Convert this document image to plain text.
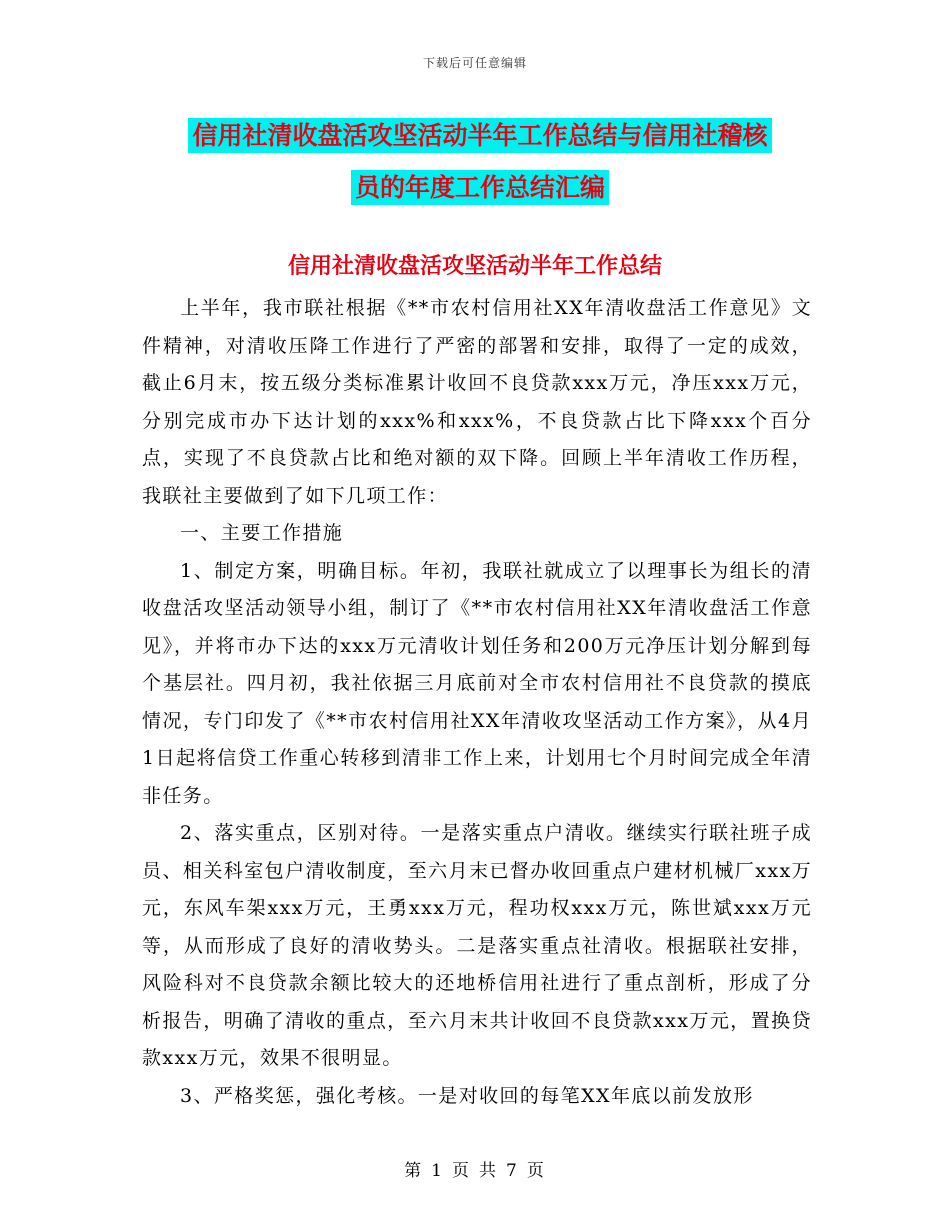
下载后可任意编辑
信用社清收盘活攻坚活动半年工作总结与信用社稽核
员的年度工作总结汇编
信用社清收盘活攻坚活动半年工作总结

上半年，我市联社根据《**市农村信用社XX年清收盘活工作意见》文件精神，对清收压降工作进行了严密的部署和安排，取得了一定的成效，截止6月末，按五级分类标准累计收回不良贷款xxx万元，净压xxx万元，分别完成市办下达计划的xxx%和xxx%，不良贷款占比下降xxx个百分点，实现了不良贷款占比和绝对额的双下降。回顾上半年清收工作历程，我联社主要做到了如下几项工作：

一、主要工作措施

1、制定方案，明确目标。年初，我联社就成立了以理事长为组长的清收盘活攻坚活动领导小组，制订了《**市农村信用社XX年清收盘活工作意见》，并将市办下达的xxx万元清收计划任务和200万元净压计划分解到每个基层社。四月初，我社依据三月底前对全市农村信用社不良贷款的摸底情况，专门印发了《**市农村信用社XX年清收攻坚活动工作方案》，从4月1日起将信贷工作重心转移到清非工作上来，计划用七个月时间完成全年清非任务。

2、落实重点，区别对待。一是落实重点户清收。继续实行联社班子成员、相关科室包户清收制度，至六月末已督办收回重点户建材机械厂xxx万元，东风车架xxx万元，王勇xxx万元，程功权xxx万元，陈世斌xxx万元等，从而形成了良好的清收势头。二是落实重点社清收。根据联社安排，风险科对不良贷款余额比较大的还地桥信用社进行了重点剖析，形成了分析报告，明确了清收的重点，至六月末共计收回不良贷款xxx万元，置换贷款xxx万元，效果不很明显。

3、严格奖惩，强化考核。一是对收回的每笔XX年底以前发放形

第 1 页 共 7 页
